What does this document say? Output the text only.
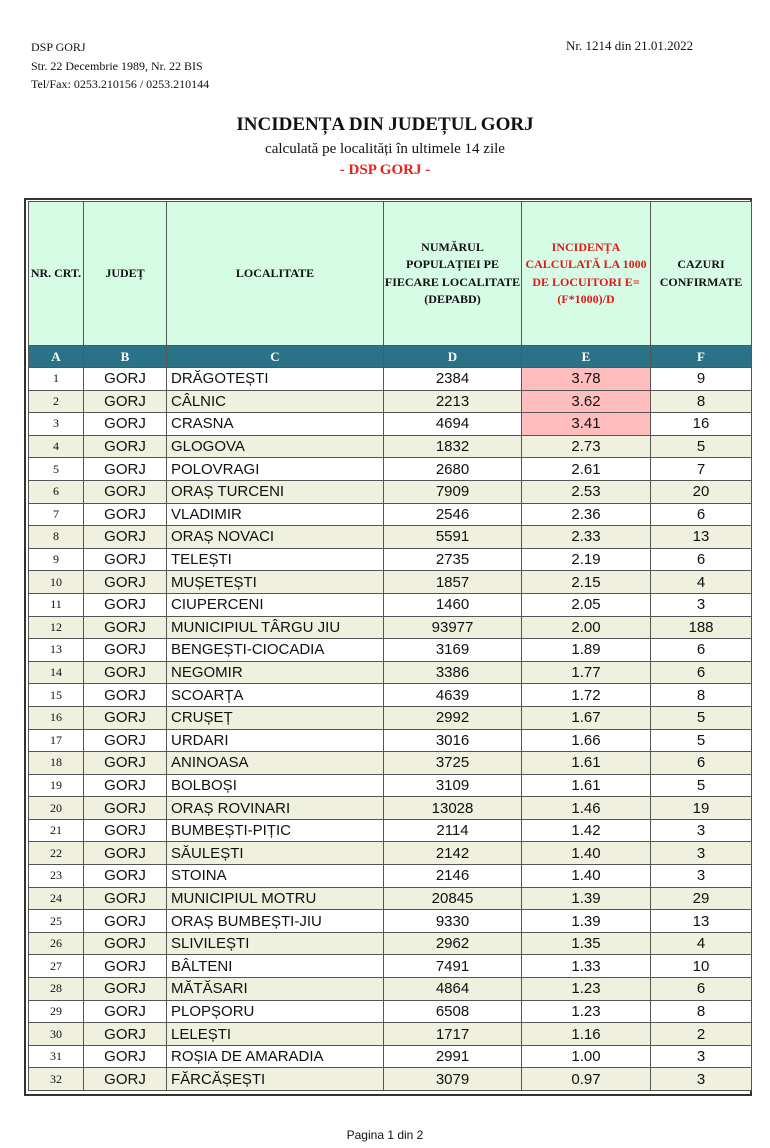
DSP GORJ
Str. 22 Decembrie 1989, Nr. 22 BIS
Tel/Fax: 0253.210156 / 0253.210144
Nr. 1214 din 21.01.2022
INCIDENȚA DIN JUDEȚUL GORJ
calculată pe localități în ultimele 14 zile
- DSP GORJ -
NR. CRT.	JUDEȚ	LOCALITATE	NUMĂRUL POPULAȚIEI PE FIECARE LOCALITATE (DEPABD)	INCIDENȚA CALCULATĂ LA 1000 DE LOCUITORI E=(F*1000)/D	CAZURI CONFIRMATE
A	B	C	D	E	F
1	GORJ	DRĂGOTEȘTI	2384	3.78	9
2	GORJ	CÂLNIC	2213	3.62	8
3	GORJ	CRASNA	4694	3.41	16
4	GORJ	GLOGOVA	1832	2.73	5
5	GORJ	POLOVRAGI	2680	2.61	7
6	GORJ	ORAȘ TURCENI	7909	2.53	20
7	GORJ	VLADIMIR	2546	2.36	6
8	GORJ	ORAȘ NOVACI	5591	2.33	13
9	GORJ	TELEȘTI	2735	2.19	6
10	GORJ	MUȘETEȘTI	1857	2.15	4
11	GORJ	CIUPERCENI	1460	2.05	3
12	GORJ	MUNICIPIUL TÂRGU JIU	93977	2.00	188
13	GORJ	BENGEȘTI-CIOCADIA	3169	1.89	6
14	GORJ	NEGOMIR	3386	1.77	6
15	GORJ	SCOARȚA	4639	1.72	8
16	GORJ	CRUȘEȚ	2992	1.67	5
17	GORJ	URDARI	3016	1.66	5
18	GORJ	ANINOASA	3725	1.61	6
19	GORJ	BOLBOȘI	3109	1.61	5
20	GORJ	ORAȘ ROVINARI	13028	1.46	19
21	GORJ	BUMBEȘTI-PIȚIC	2114	1.42	3
22	GORJ	SĂULEȘTI	2142	1.40	3
23	GORJ	STOINA	2146	1.40	3
24	GORJ	MUNICIPIUL MOTRU	20845	1.39	29
25	GORJ	ORAȘ BUMBEȘTI-JIU	9330	1.39	13
26	GORJ	SLIVILEȘTI	2962	1.35	4
27	GORJ	BÂLTENI	7491	1.33	10
28	GORJ	MĂTĂSARI	4864	1.23	6
29	GORJ	PLOPȘORU	6508	1.23	8
30	GORJ	LELEȘTI	1717	1.16	2
31	GORJ	ROȘIA DE AMARADIA	2991	1.00	3
32	GORJ	FĂRCĂȘEȘTI	3079	0.97	3
Pagina 1 din 2
